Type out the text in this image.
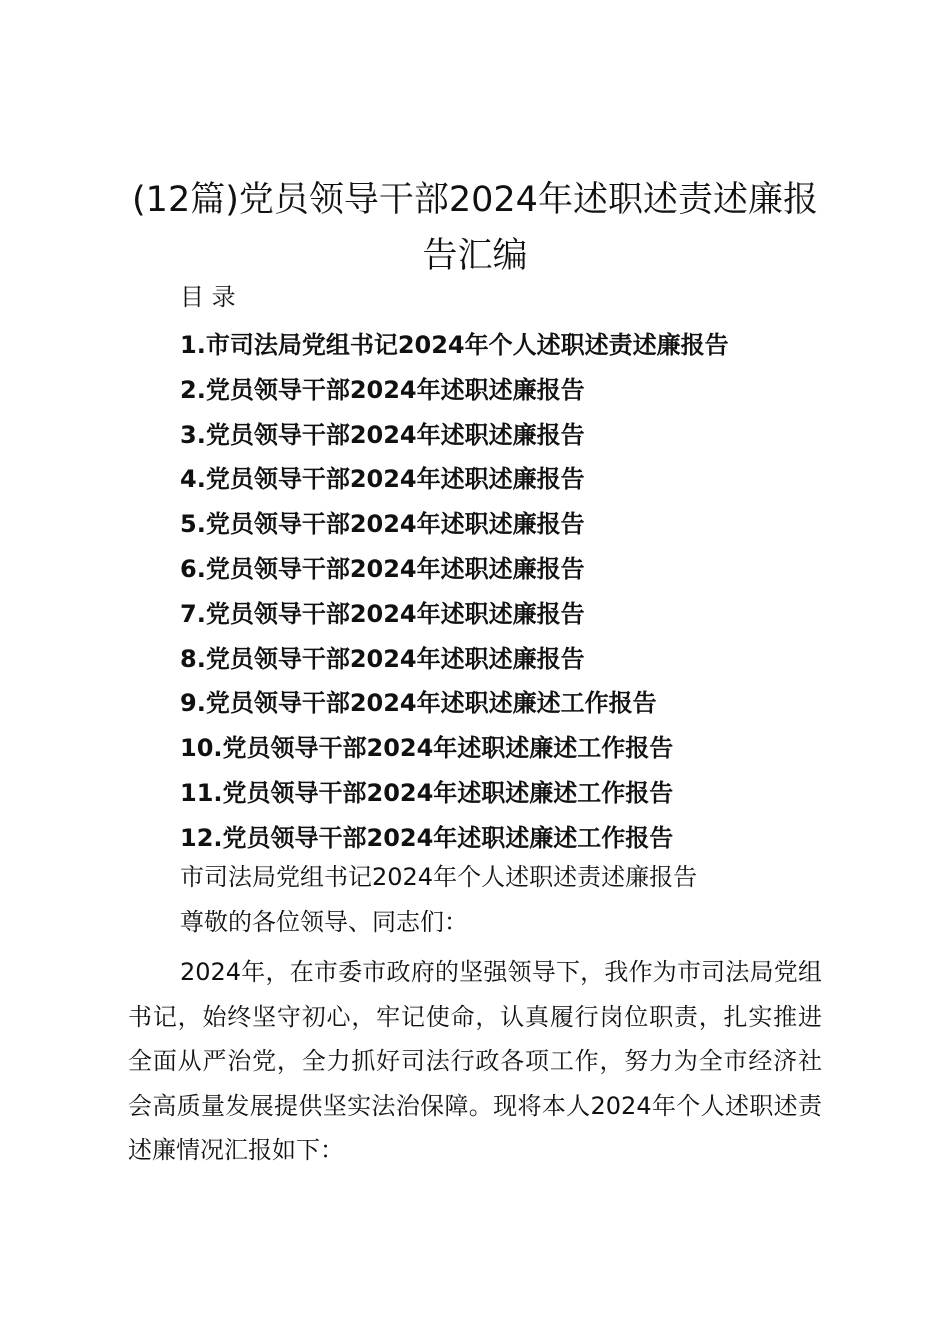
(12篇)党员领导干部2024年述职述责述廉报告汇编

目 录

1.市司法局党组书记2024年个人述职述责述廉报告
2.党员领导干部2024年述职述廉报告
3.党员领导干部2024年述职述廉报告
4.党员领导干部2024年述职述廉报告
5.党员领导干部2024年述职述廉报告
6.党员领导干部2024年述职述廉报告
7.党员领导干部2024年述职述廉报告
8.党员领导干部2024年述职述廉报告
9.党员领导干部2024年述职述廉述工作报告
10.党员领导干部2024年述职述廉述工作报告
11.党员领导干部2024年述职述廉述工作报告
12.党员领导干部2024年述职述廉述工作报告

市司法局党组书记2024年个人述职述责述廉报告

尊敬的各位领导、同志们：

2024年，在市委市政府的坚强领导下，我作为市司法局党组书记，始终坚守初心，牢记使命，认真履行岗位职责，扎实推进全面从严治党，全力抓好司法行政各项工作，努力为全市经济社会高质量发展提供坚实法治保障。现将本人2024年个人述职述责述廉情况汇报如下：
